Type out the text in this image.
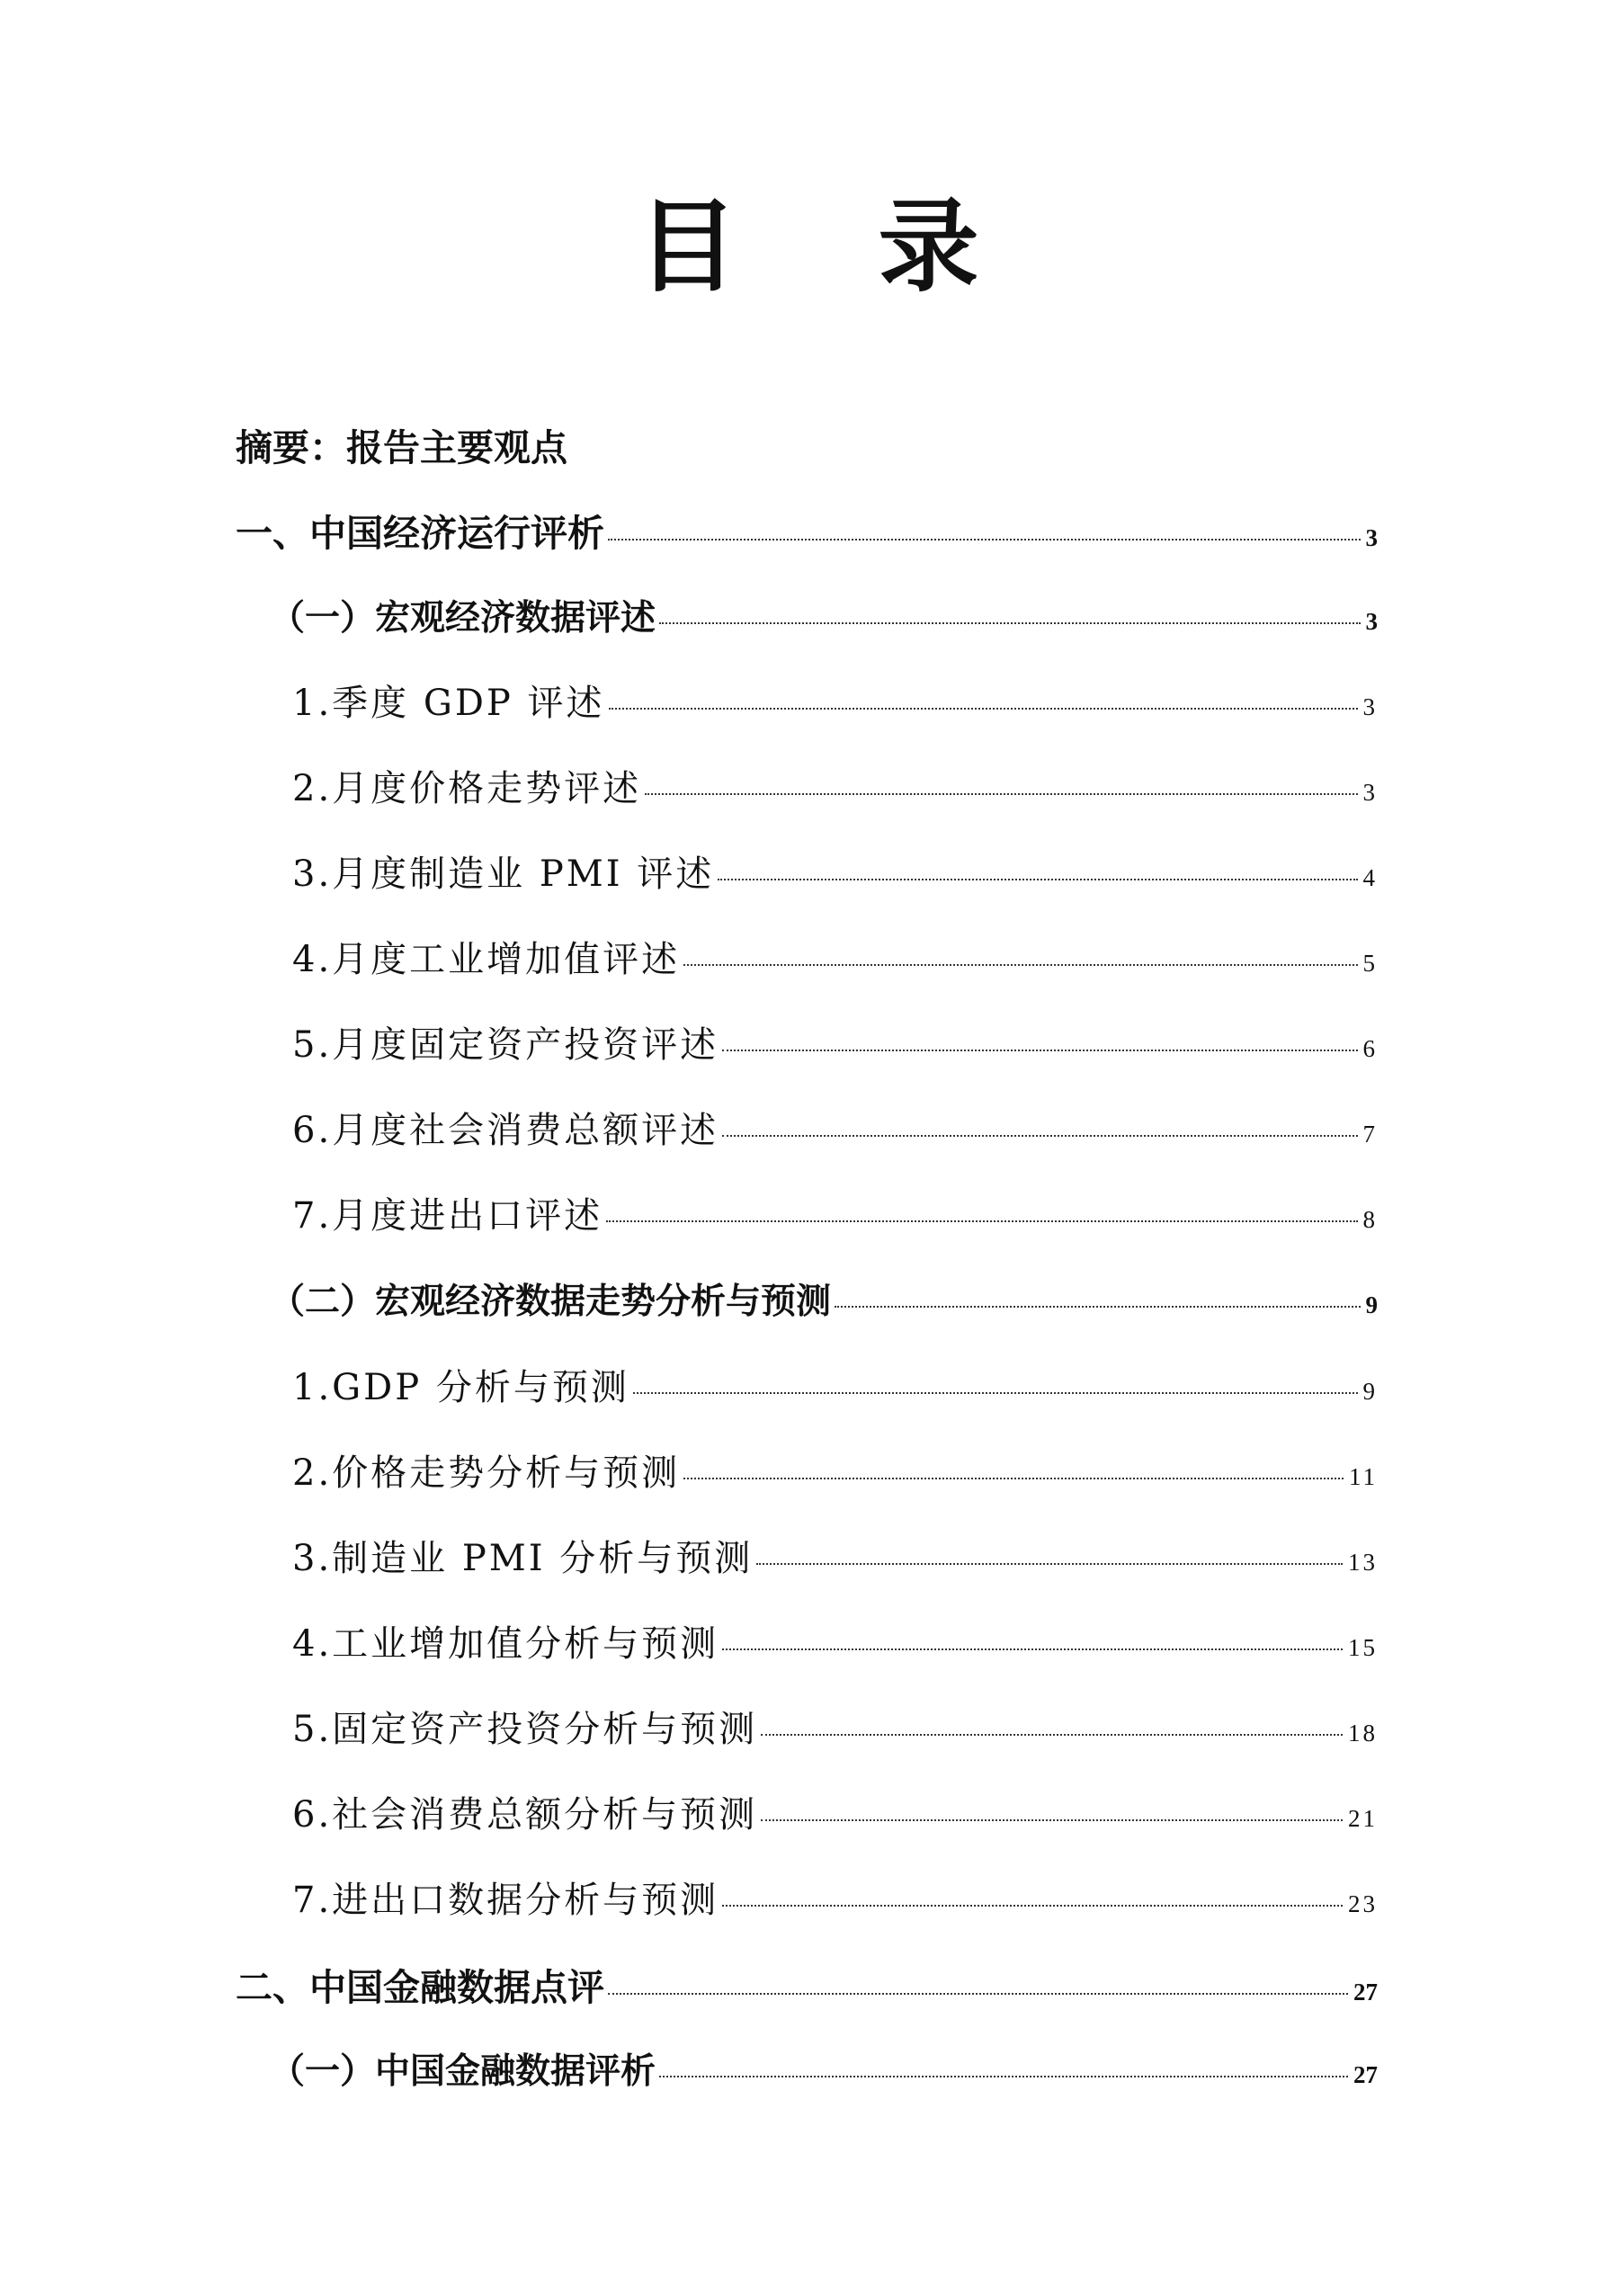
目    录
摘要：报告主要观点
一、中国经济运行评析	3
（一）宏观经济数据评述	3
1.季度 GDP 评述	3
2.月度价格走势评述	3
3.月度制造业 PMI 评述	4
4.月度工业增加值评述	5
5.月度固定资产投资评述	6
6.月度社会消费总额评述	7
7.月度进出口评述	8
（二）宏观经济数据走势分析与预测	9
1.GDP 分析与预测	9
2.价格走势分析与预测	11
3.制造业 PMI 分析与预测	13
4.工业增加值分析与预测	15
5.固定资产投资分析与预测	18
6.社会消费总额分析与预测	21
7.进出口数据分析与预测	23
二、中国金融数据点评	27
（一）中国金融数据评析	27
